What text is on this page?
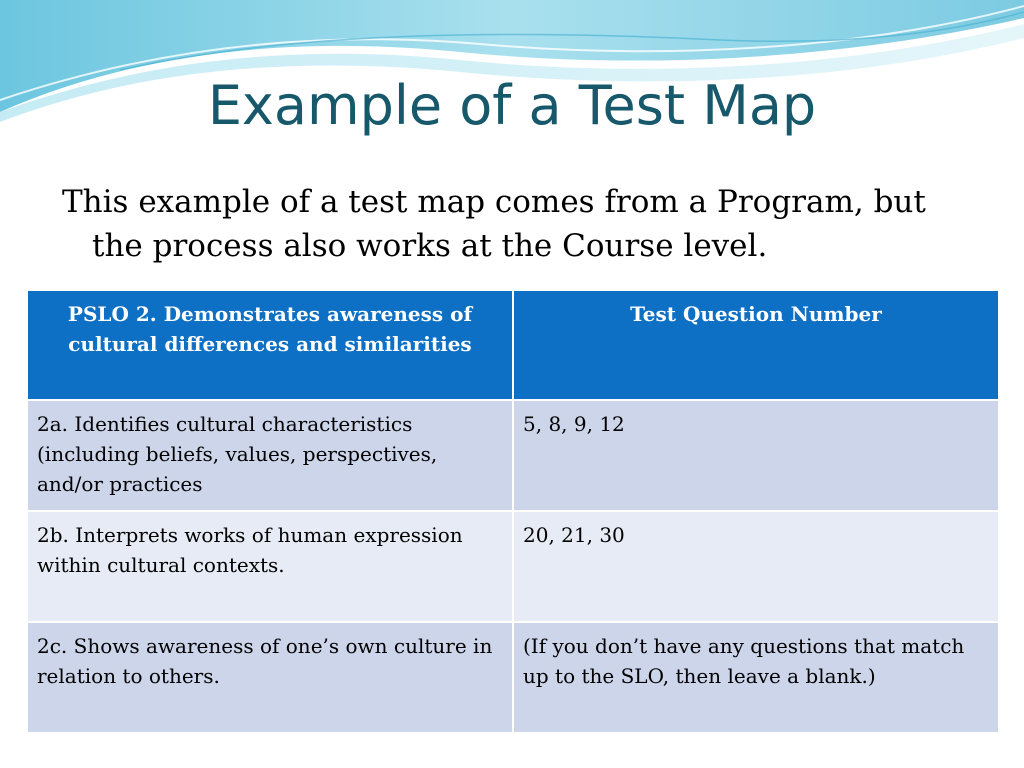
Example of a Test Map

This example of a test map comes from a Program, but the process also works at the Course level.

PSLO 2. Demonstrates awareness of cultural differences and similarities	Test Question Number
2a. Identifies cultural characteristics (including beliefs, values, perspectives, and/or practices	5, 8, 9, 12
2b. Interprets works of human expression within cultural contexts.	20, 21, 30
2c. Shows awareness of one’s own culture in relation to others.	(If you don’t have any questions that match up to the SLO, then leave a blank.)
